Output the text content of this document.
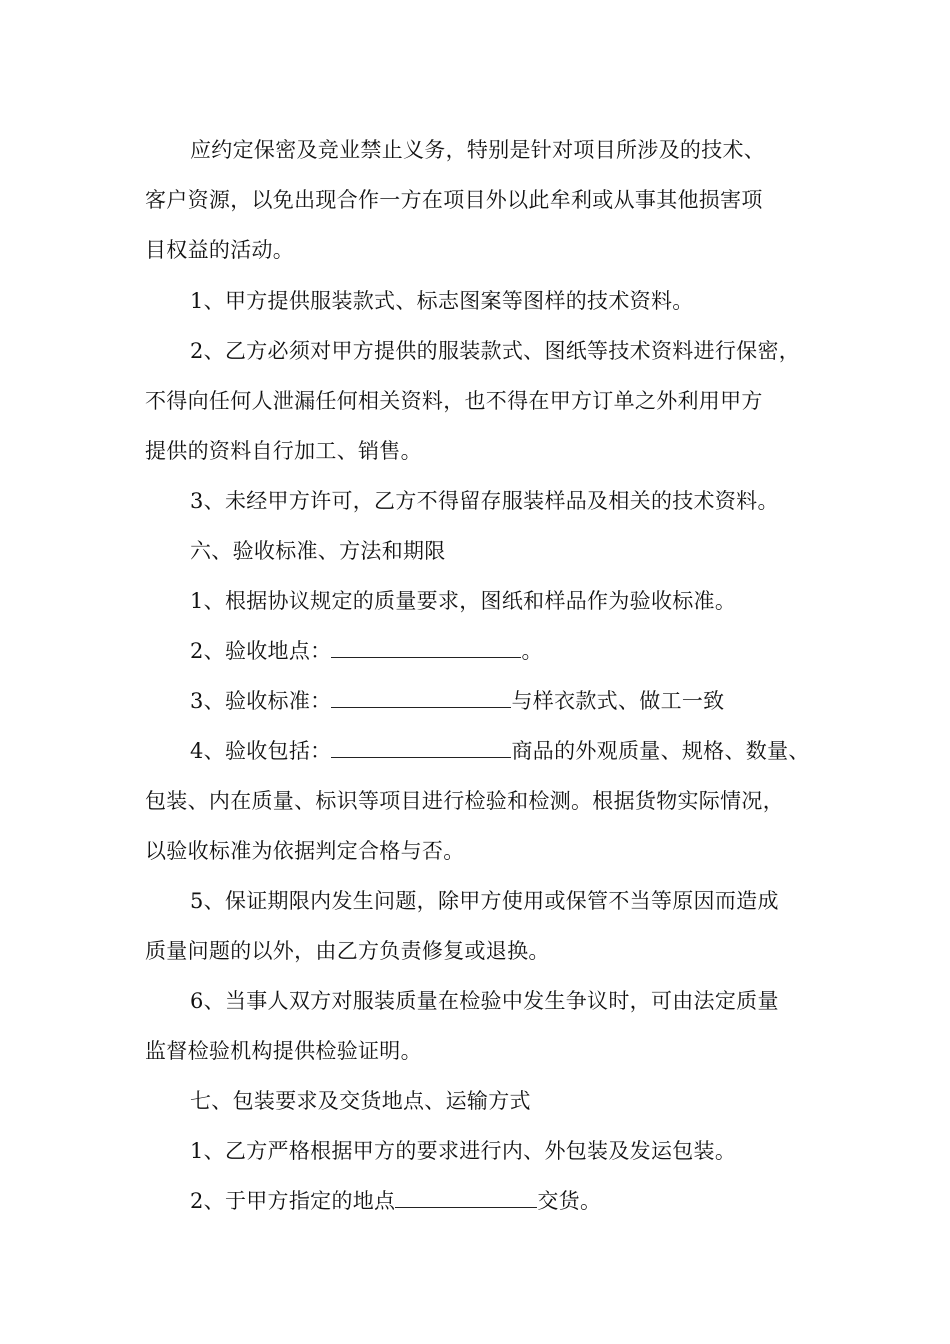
应约定保密及竞业禁止义务，特别是针对项目所涉及的技术、
客户资源，以免出现合作一方在项目外以此牟利或从事其他损害项
目权益的活动。
1、甲方提供服装款式、标志图案等图样的技术资料。
2、乙方必须对甲方提供的服装款式、图纸等技术资料进行保密，
不得向任何人泄漏任何相关资料，也不得在甲方订单之外利用甲方
提供的资料自行加工、销售。
3、未经甲方许可，乙方不得留存服装样品及相关的技术资料。
六、验收标准、方法和期限
1、根据协议规定的质量要求，图纸和样品作为验收标准。
2、验收地点：	。
3、验收标准：	与样衣款式、做工一致
4、验收包括：	商品的外观质量、规格、数量、
包装、内在质量、标识等项目进行检验和检测。根据货物实际情况，
以验收标准为依据判定合格与否。
5、保证期限内发生问题，除甲方使用或保管不当等原因而造成
质量问题的以外，由乙方负责修复或退换。
6、当事人双方对服装质量在检验中发生争议时，可由法定质量
监督检验机构提供检验证明。
七、包装要求及交货地点、运输方式
1、乙方严格根据甲方的要求进行内、外包装及发运包装。
2、于甲方指定的地点	交货。
